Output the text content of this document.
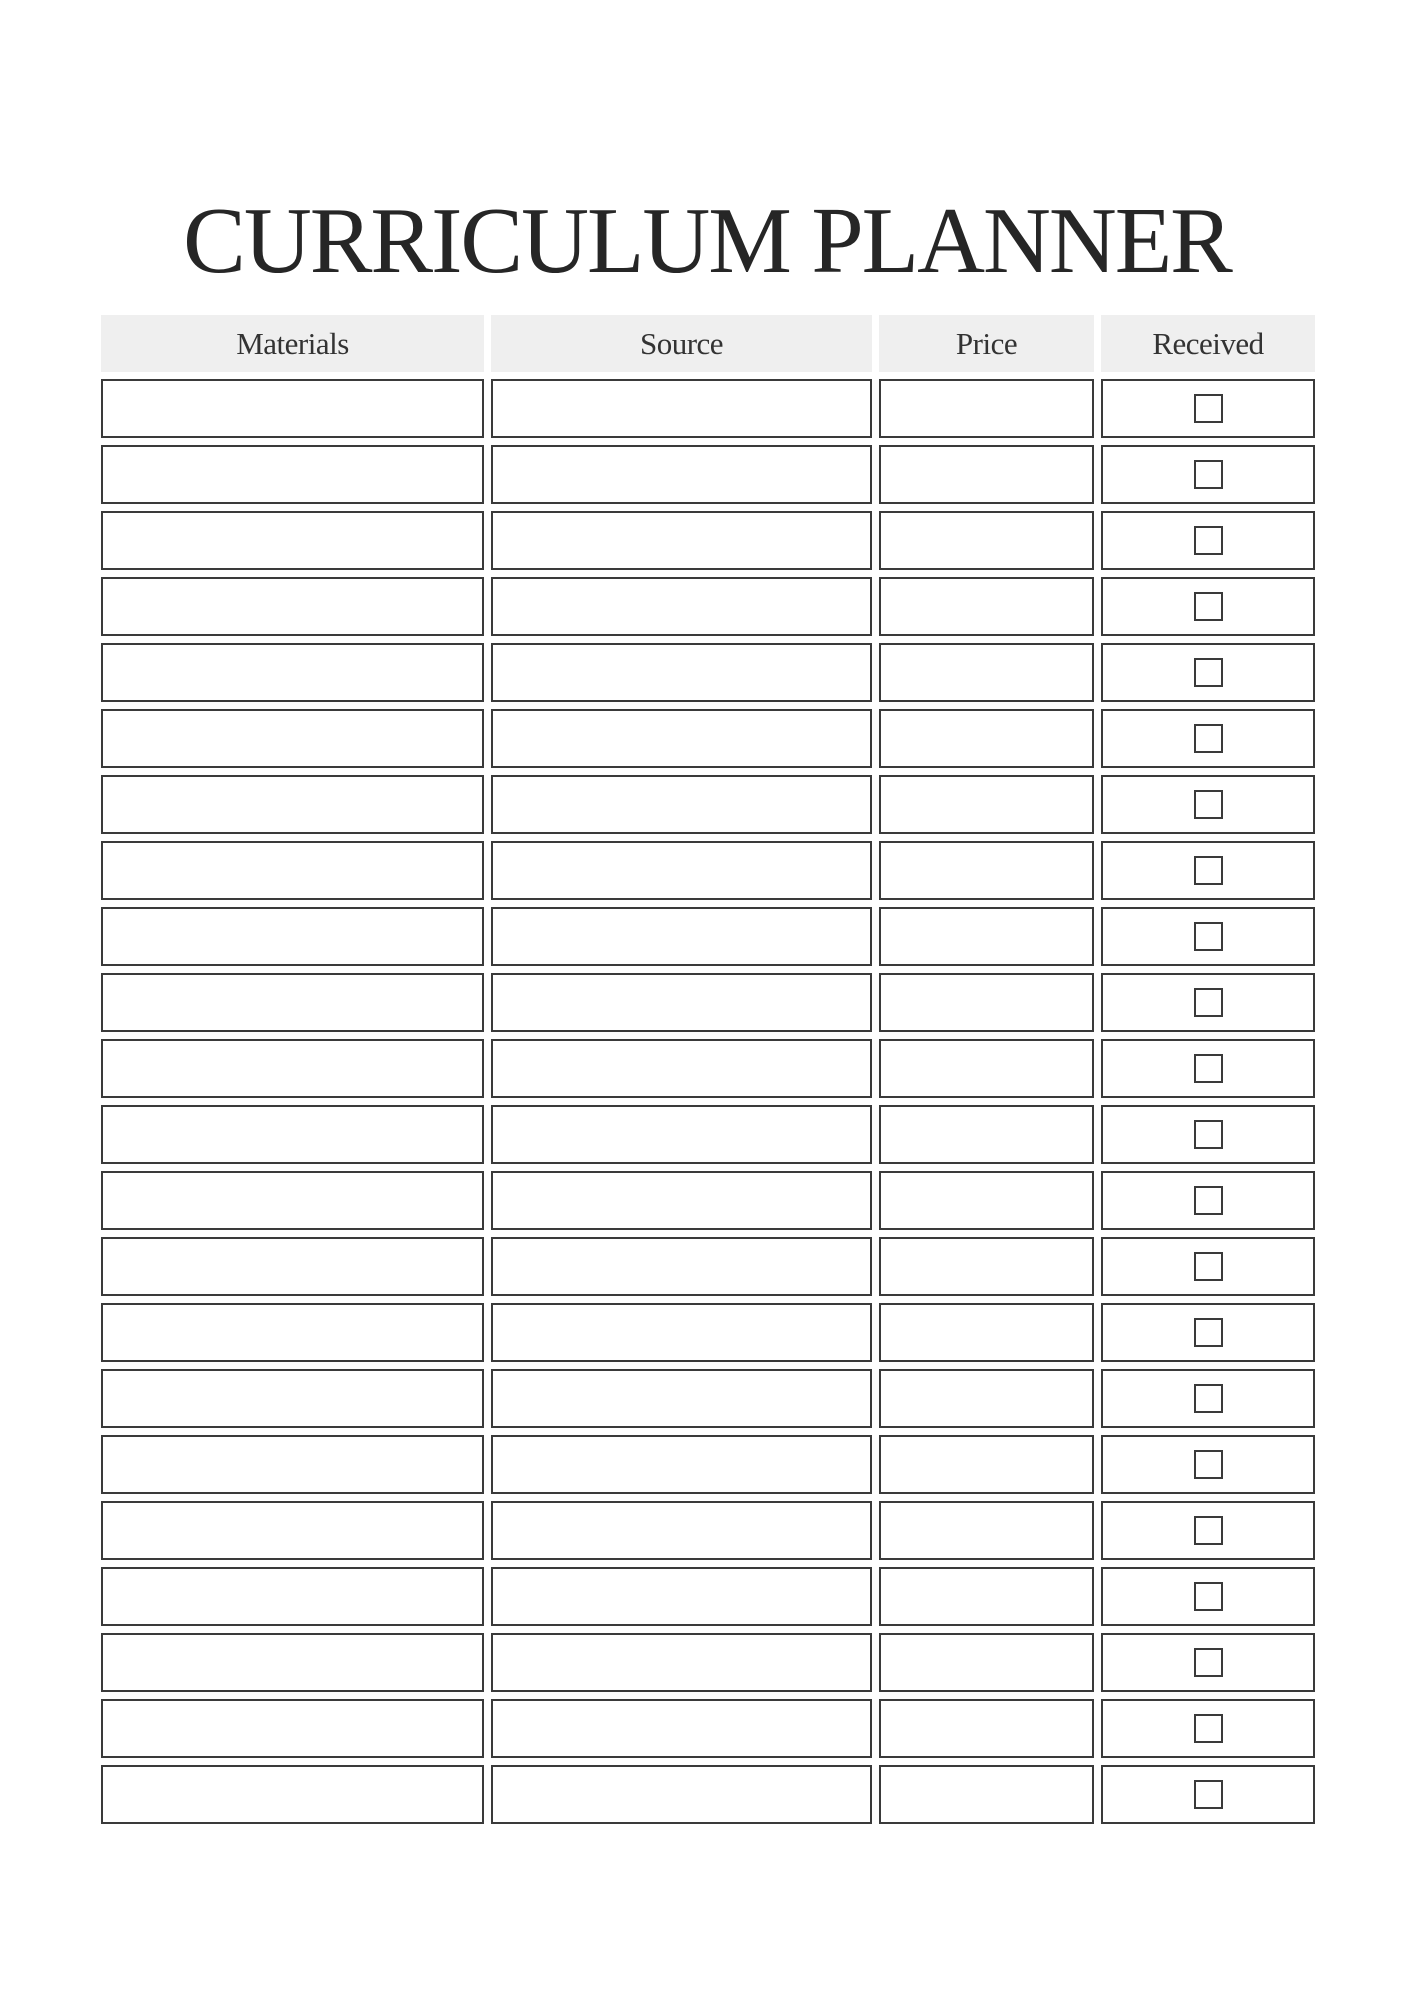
CURRICULUM PLANNER
Materials	Source	Price	Received
